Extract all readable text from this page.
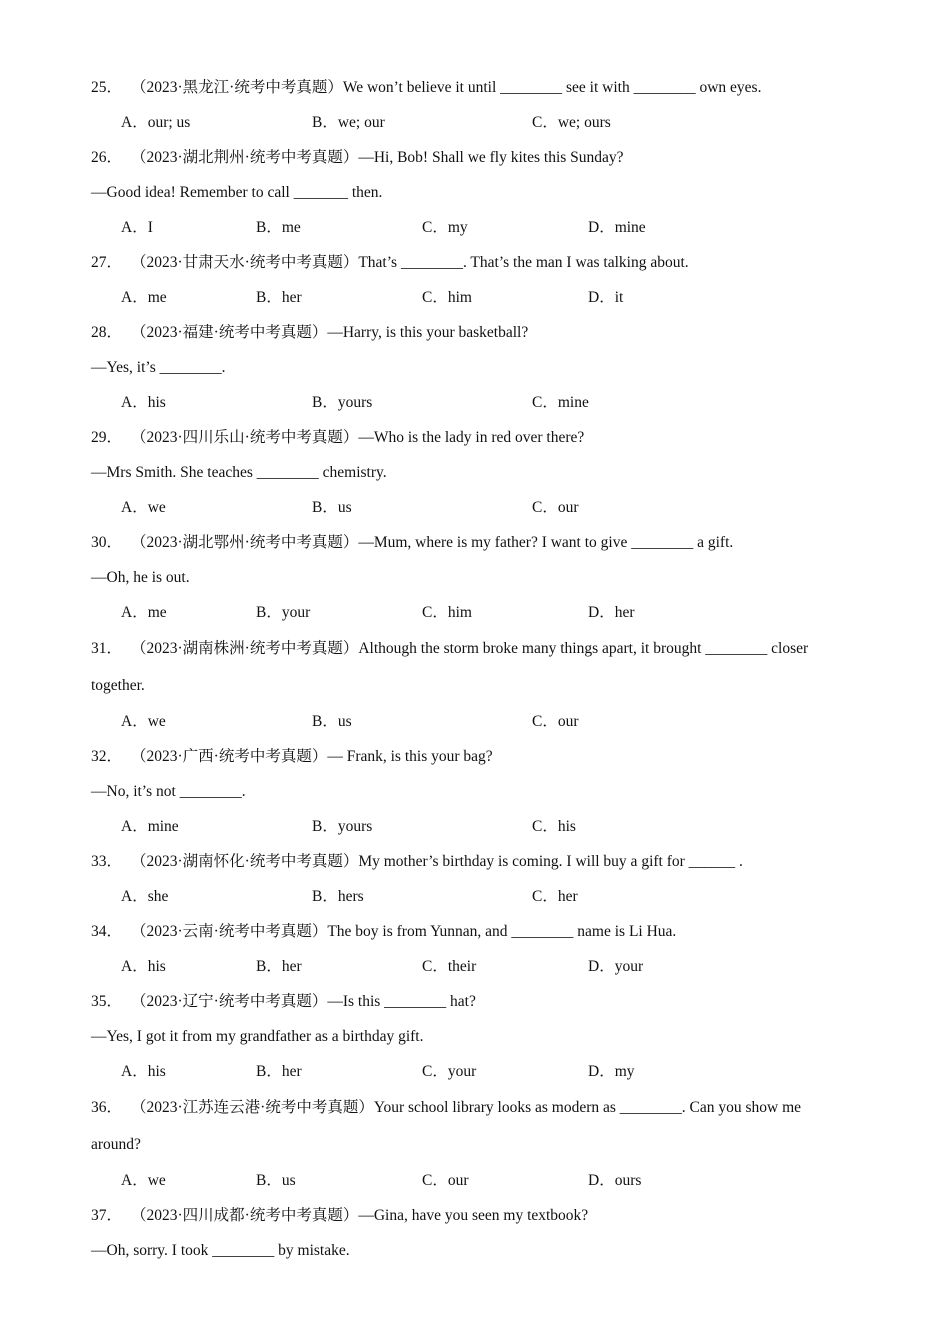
25． （2023·黑龙江·统考中考真题）We won’t believe it until ________ see it with ________ own eyes.
A．our; us	B．we; our	C．we; ours
26． （2023·湖北荆州·统考中考真题）—Hi, Bob! Shall we fly kites this Sunday?
—Good idea! Remember to call _______ then.
A．I	B．me	C．my	D．mine
27． （2023·甘肃天水·统考中考真题）That’s ________. That’s the man I was talking about.
A．me	B．her	C．him	D．it
28． （2023·福建·统考中考真题）—Harry, is this your basketball?
—Yes, it’s ________.
A．his	B．yours	C．mine
29． （2023·四川乐山·统考中考真题）—Who is the lady in red over there?
—Mrs Smith. She teaches ________ chemistry.
A．we	B．us	C．our
30． （2023·湖北鄂州·统考中考真题）—Mum, where is my father? I want to give ________ a gift.
—Oh, he is out.
A．me	B．your	C．him	D．her
31． （2023·湖南株洲·统考中考真题）Although the storm broke many things apart, it brought ________ closer
together.
A．we	B．us	C．our
32． （2023·广西·统考中考真题）— Frank, is this your bag?
—No, it’s not ________.
A．mine	B．yours	C．his
33． （2023·湖南怀化·统考中考真题）My mother’s birthday is coming. I will buy a gift for ______ .
A．she	B．hers	C．her
34． （2023·云南·统考中考真题）The boy is from Yunnan, and ________ name is Li Hua.
A．his	B．her	C．their	D．your
35． （2023·辽宁·统考中考真题）—Is this ________ hat?
—Yes, I got it from my grandfather as a birthday gift.
A．his	B．her	C．your	D．my
36． （2023·江苏连云港·统考中考真题）Your school library looks as modern as ________. Can you show me
around?
A．we	B．us	C．our	D．ours
37． （2023·四川成都·统考中考真题）—Gina, have you seen my textbook?
—Oh, sorry. I took ________ by mistake.
